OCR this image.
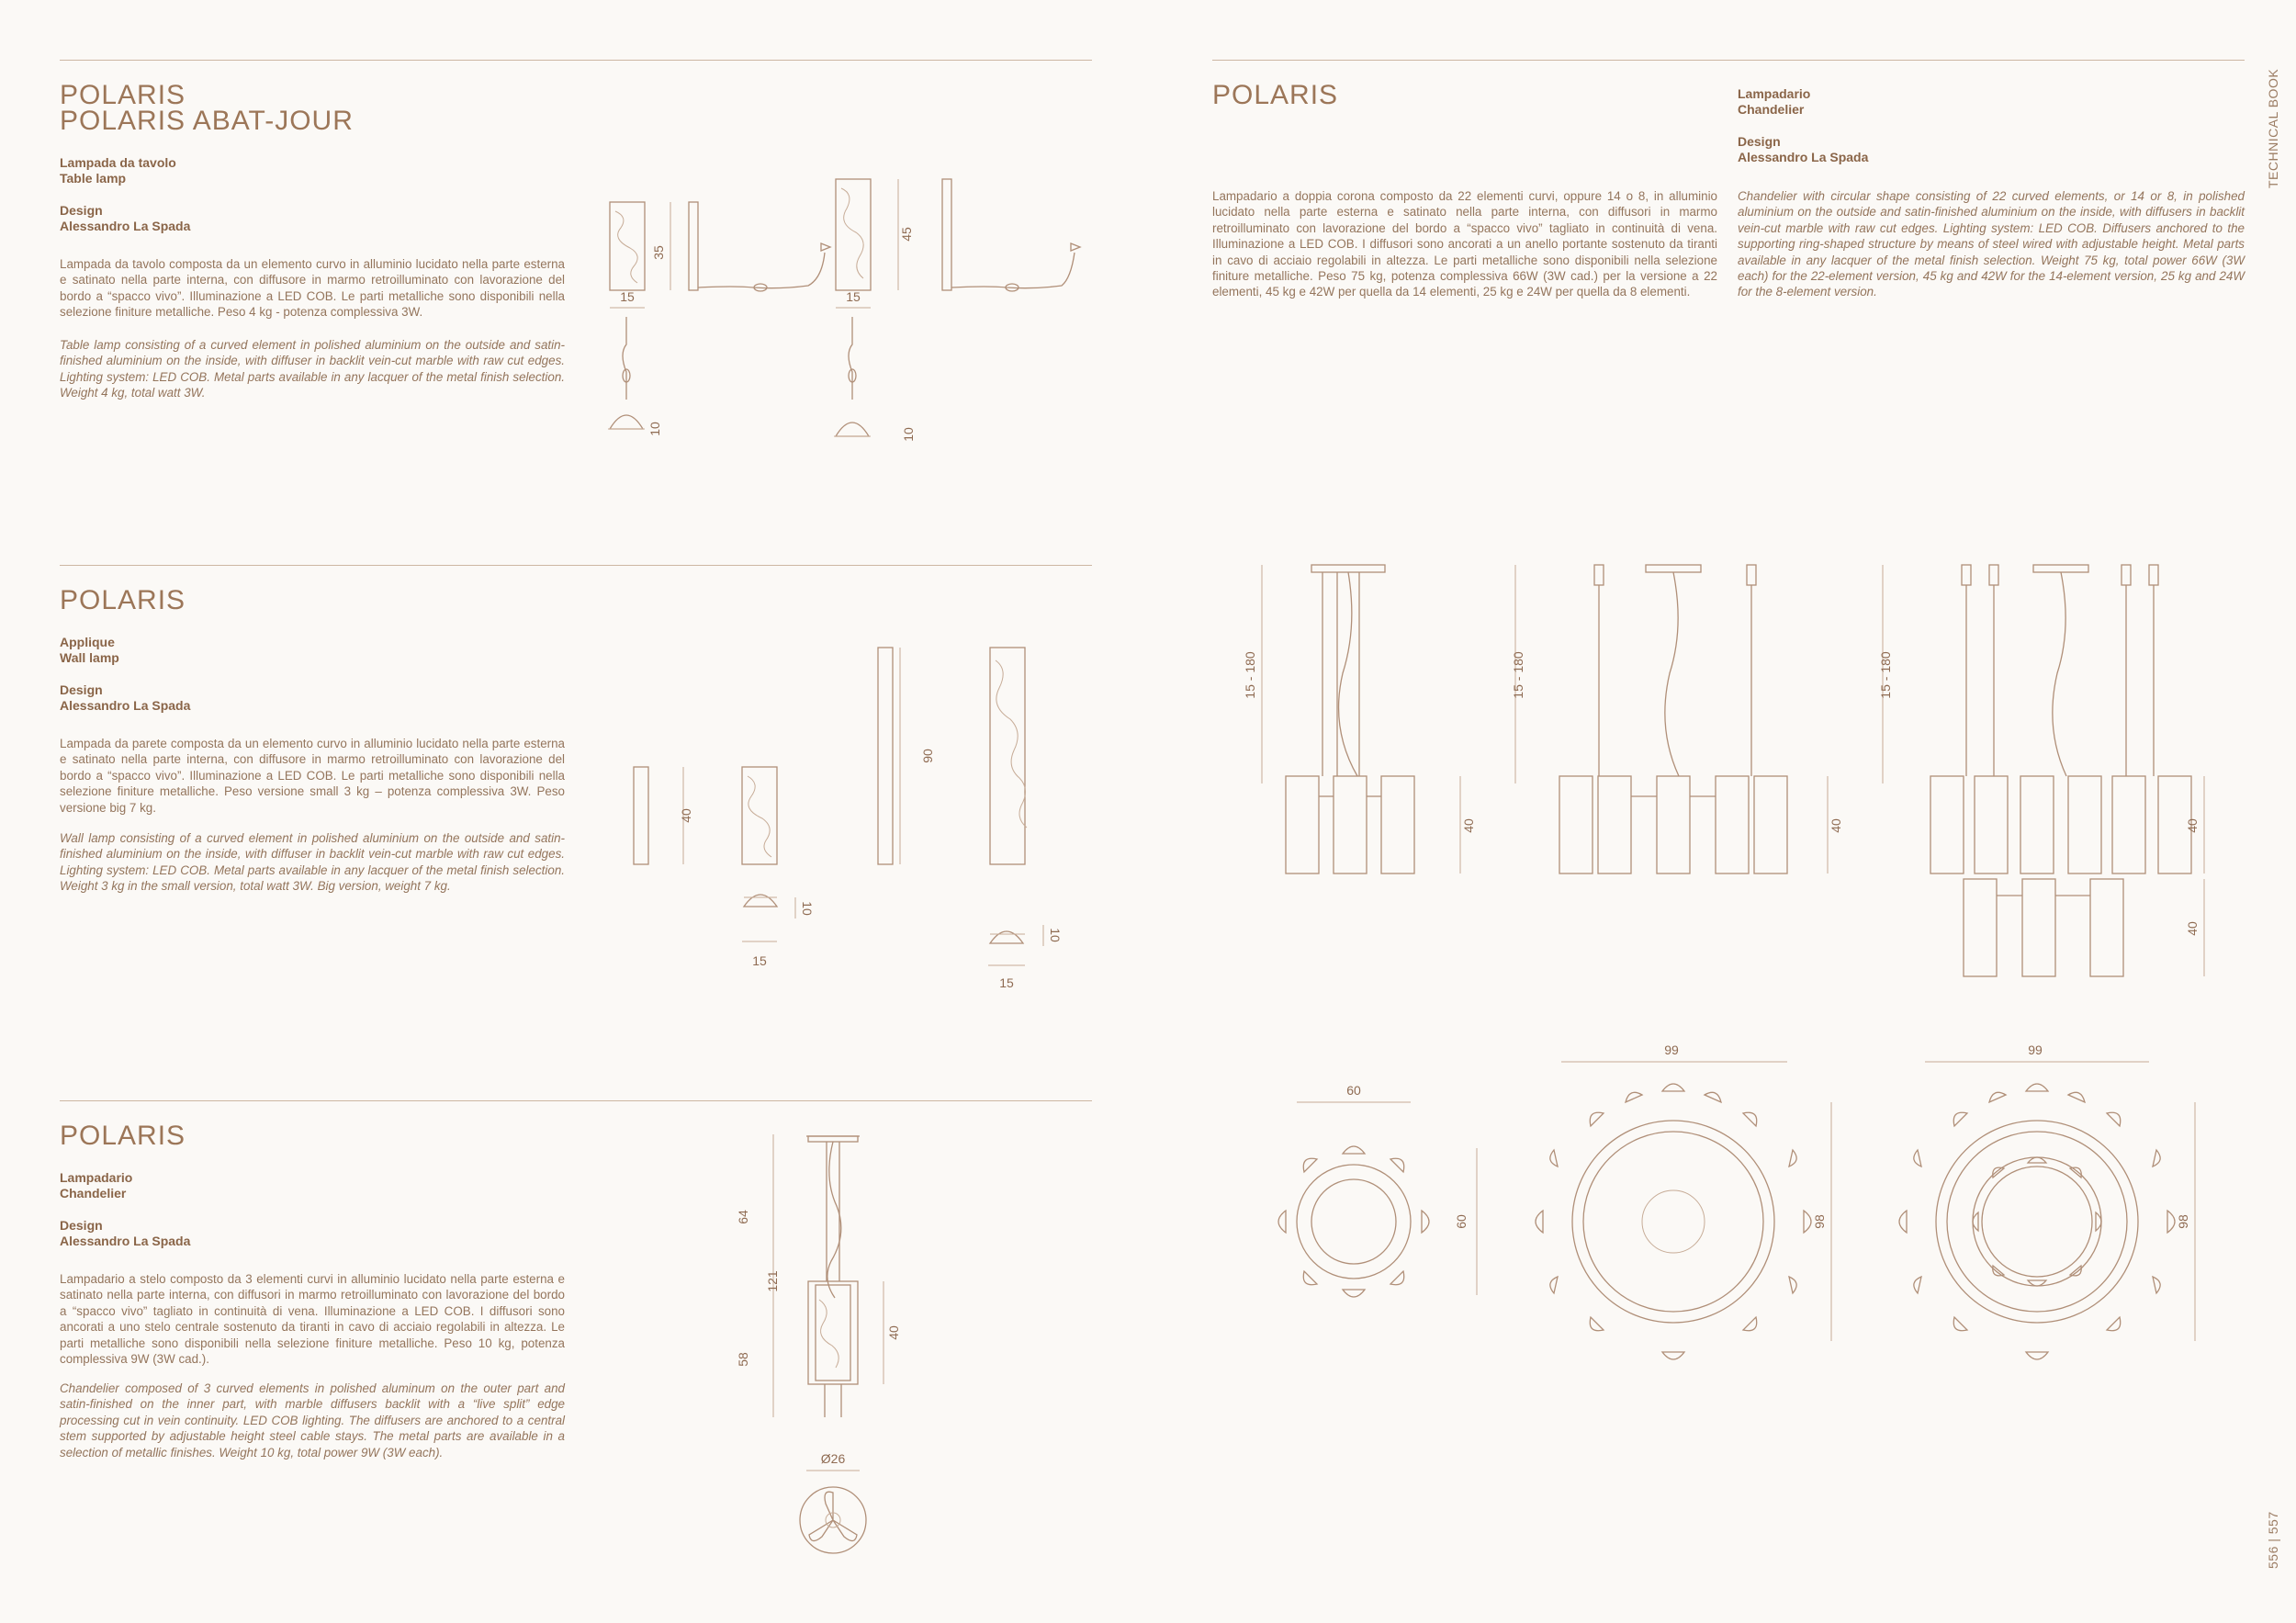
TECHNICAL BOOK
556 | 557
POLARIS
POLARIS ABAT-JOUR
Lampada da tavolo
Table lamp
Design
Alessandro La Spada
Lampada da tavolo composta da un elemento curvo in alluminio lucidato nella parte esterna e satinato nella parte interna, con diffusore in marmo retroilluminato con lavorazione del bordo a “spacco vivo”. Illuminazione a LED COB. Le parti metalliche sono disponibili nella selezione finiture metalliche. Peso 4 kg - potenza complessiva 3W.
Table lamp consisting of a curved element in polished aluminium on the outside and satin-finished aluminium on the inside, with diffuser in backlit vein-cut marble with raw cut edges. Lighting system: LED COB. Metal parts available in any lacquer of the metal finish selection. Weight 4 kg, total watt 3W.
35
15
10
45
15
10
POLARIS
Applique
Wall lamp
Design
Alessandro La Spada
Lampada da parete composta da un elemento curvo in alluminio lucidato nella parte esterna e satinato nella parte interna, con diffusore in marmo retroilluminato con lavorazione del bordo a “spacco vivo”. Illuminazione a LED COB. Le parti metalliche sono disponibili nella selezione finiture metalliche. Peso versione small 3 kg – potenza complessiva 3W. Peso versione big 7 kg.
Wall lamp consisting of a curved element in polished aluminium on the outside and satin-finished aluminium on the inside, with diffuser in backlit vein-cut marble with raw cut edges. Lighting system: LED COB. Metal parts available in any lacquer of the metal finish selection. Weight 3 kg in the small version, total watt 3W. Big version, weight 7 kg.
40
10
15
90
10
15
POLARIS
Lampadario
Chandelier
Design
Alessandro La Spada
Lampadario a stelo composto da 3 elementi curvi in alluminio lucidato nella parte esterna e satinato nella parte interna, con diffusori in marmo retroilluminato con lavorazione del bordo a “spacco vivo” tagliato in continuità di vena. Illuminazione a LED COB. I diffusori sono ancorati a uno stelo centrale sostenuto da tiranti in cavo di acciaio regolabili in altezza. Le parti metalliche sono disponibili nella selezione finiture metalliche. Peso 10 kg, potenza complessiva 9W (3W cad.).
Chandelier composed of 3 curved elements in polished aluminum on the outer part and satin-finished on the inner part, with marble diffusers backlit with a “live split” edge processing cut in vein continuity. LED COB lighting. The diffusers are anchored to a central stem supported by adjustable height steel cable stays. The metal parts are available in a selection of metallic finishes. Weight 10 kg, total power 9W (3W each).
64
121
58
40
Ø26
POLARIS	Lampadario
Chandelier
Design
Alessandro La Spada
Lampadario a doppia corona composto da 22 elementi curvi, oppure 14 o 8, in alluminio lucidato nella parte esterna e satinato nella parte interna, con diffusori in marmo retroilluminato con lavorazione del bordo a “spacco vivo” tagliato in continuità di vena. Illuminazione a LED COB. I diffusori sono ancorati a un anello portante sostenuto da tiranti in cavo di acciaio regolabili in altezza. Le parti metalliche sono disponibili nella selezione finiture metalliche. Peso 75 kg, potenza complessiva 66W (3W cad.) per la versione a 22 elementi, 45 kg e 42W per quella da 14 elementi, 25 kg e 24W per quella da 8 elementi.
Chandelier with circular shape consisting of 22 curved elements, or 14 or 8, in polished aluminium on the outside and satin-finished aluminium on the inside, with diffusers in backlit vein-cut marble with raw cut edges. Lighting system: LED COB. Diffusers anchored to the supporting ring-shaped structure by means of steel wired with adjustable height. Metal parts available in any lacquer of the metal finish selection. Weight 75 kg, total power 66W (3W each) for the 22-element version, 45 kg and 42W for the 14-element version, 25 kg and 24W for the 8-element version.
15 - 180
40
15 - 180
40
15 - 180
40
40
60
60
99
98
99
98
